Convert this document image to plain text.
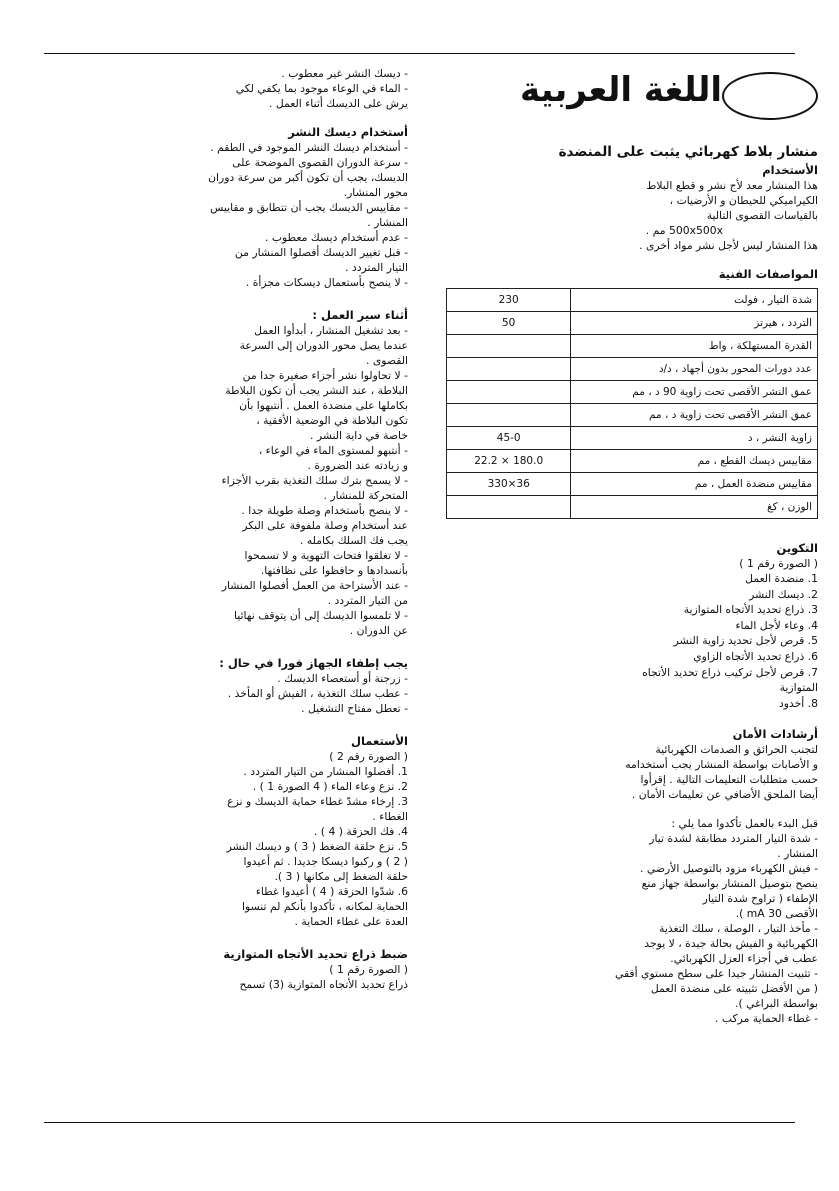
اللغة العربية
منشار بلاط كهربائي يثبت على المنضدة
الأستخدام

هذا المنشار معد لأج نشر و قطع البلاط

الكيراميكي للحيطان و الأرضيات ،

بالقياسات القصوى التالية

500x500x مم .

هذا المنشار ليس لأجل نشر مواد أخرى .

المواصفات الفنية
شدة التيار ، فولت	230
التردد ، هيرتز	50
القدرة المستهلكة ، واط	
عدد دورات المحور بدون أجهاد ، د/د	
عمق النشر الأقصى تحت زاوية 90 د ، مم	
عمق النشر الأقصى تحت زاوية د ، مم	
زاوية النشر ، د	45-0
مقاييس ديسك القطع ، مم	22.2 × 180.0
مقاييس منضدة العمل ، مم	330×36
الوزن ، كغ	
التكوين

( الصورة رقم 1 )

1. منضدة العمل
2. ديسك النشر
3. ذراع تحديد الأتجاه المتوازية
4. وعاء لأجل الماء
5. قرص لأجل تحديد زاوية النشر
6. ذراع تحديد الأتجاه الزاوي
7. قرص لأجل تركيب ذراع تحديد الأتجاه
المتوازية
8. أخدود
أرشادات الأمان

لتجنب الحرائق و الصدمات الكهربائية

و الأصابات بواسطة المنشار يجب أستخدامه

حسب متطلبات التعليمات التالية . إقرأوا

أيضا الملحق الأضافي عن تعليمات الأمان .

قبل البدء بالعمل تأكدوا مما يلي :

- شدة التيار المتردد مطابقة لشدة تيار

المنشار .

- فيش الكهرباء مزود بالتوصيل الأرضي .

ينصح بتوصيل المنشار بواسطة جهاز منع

الإطفاء ( تراوح شدة التيار

الأقصى 30 mA ).

- مأخذ التيار ، الوصلة ، سلك التغذية

الكهربائية و الفيش بحالة جيدة ، لا يوجد

عطب في أجزاء العزل الكهربائي.

- تثبيت المنشار جيدا على سطح مستوي أفقي

( من الأفضل تثبيته على منضدة العمل

بواسطة البراغي ).

- غطاء الحماية مركب .

- ديسك النشر غير معطوب .

- الماء في الوعاء موجود بما يكفي لكي

يرش على الديسك أثناء العمل .

أستخدام ديسك النشر

- أستخدام ديسك النشر الموجود في الطقم .

- سرعة الدوران القصوى الموضحة على

الديسك، يجب أن تكون أكبر من سرعة دوران

محور المنشار.

- مقاييس الديسك يجب أن تتطابق و مقاييس

المنشار .

- عدم أستخدام ديسك معطوب .

- قبل تغيير الديسك أفصلوا المنشار من

التيار المتردد .

- لا ينصح بأستعمال ديسكات مجزأة .

أثناء سير العمل :

- بعد تشغيل المنشار ، أبدأوا العمل

عندما يصل محور الدوران إلى السرعة

القصوى .

- لا تحاولوا نشر أجزاء صغيرة جدا من

البلاطة ، عند النشر يجب أن تكون البلاطة

بكاملها على منضدة العمل . أنتبهوا بأن

تكون البلاطة في الوضعية الأفقية ،

خاصة في داية النشر .

- أنتبهو لمستوى الماء في الوعاء ،

و زيادته عند الضرورة .

- لا يسمح بترك سلك التغذية بقرب الأجزاء

المتحركة للمنشار .

- لا ينصح بأستخدام وصلة طويلة جدا .

عند أستخدام وصلة ملفوفة على البكر

يجب فك السلك بكامله .

- لا تغلقوا فتحات التهوية و لا تسمحوا

بأنسدادها و حافظوا على نظافتها.

- عند الأستراحة من العمل أفصلوا المنشار

من التيار المتردد .

- لا تلمسوا الديسك إلى أن يتوقف نهائيا

عن الدوران .

يجب إطفاء الجهاز فورا في حال :

- زرجنة أو أستعصاء الديسك .

- عطب سلك التغذية ، الفيش أو المأخذ .

- تعطل مفتاح التشغيل .

الأستعمال

( الصورة رقم 2 )

1. أفصلوا المنشار من التيار المتردد .

2. نزع وعاء الماء ( 4 الصورة 1 ) .

3. إرخاء مشدّ غطاء حماية الديسك و نزع

الغطاء .

4. فك الحزقة ( 4 ) .

5. نزع حلقة الضغط ( 3 ) و ديسك النشر

( 2 ) و ركبوا ديسكا جديدا . ثم أعيدوا

حلقة الضغط إلى مكانها ( 3 ).

6. شدّوا الحزقة ( 4 ) أعيدوا غطاء

الحماية لمكانه ، تأكدوا بأنكم لم تنسوا

العدة على غطاء الحماية .

ضبط ذراع تحديد الأتجاه المتوازية

( الصورة رقم 1 )

ذراع تحديد الأتجاه المتوازية (3) تسمح
